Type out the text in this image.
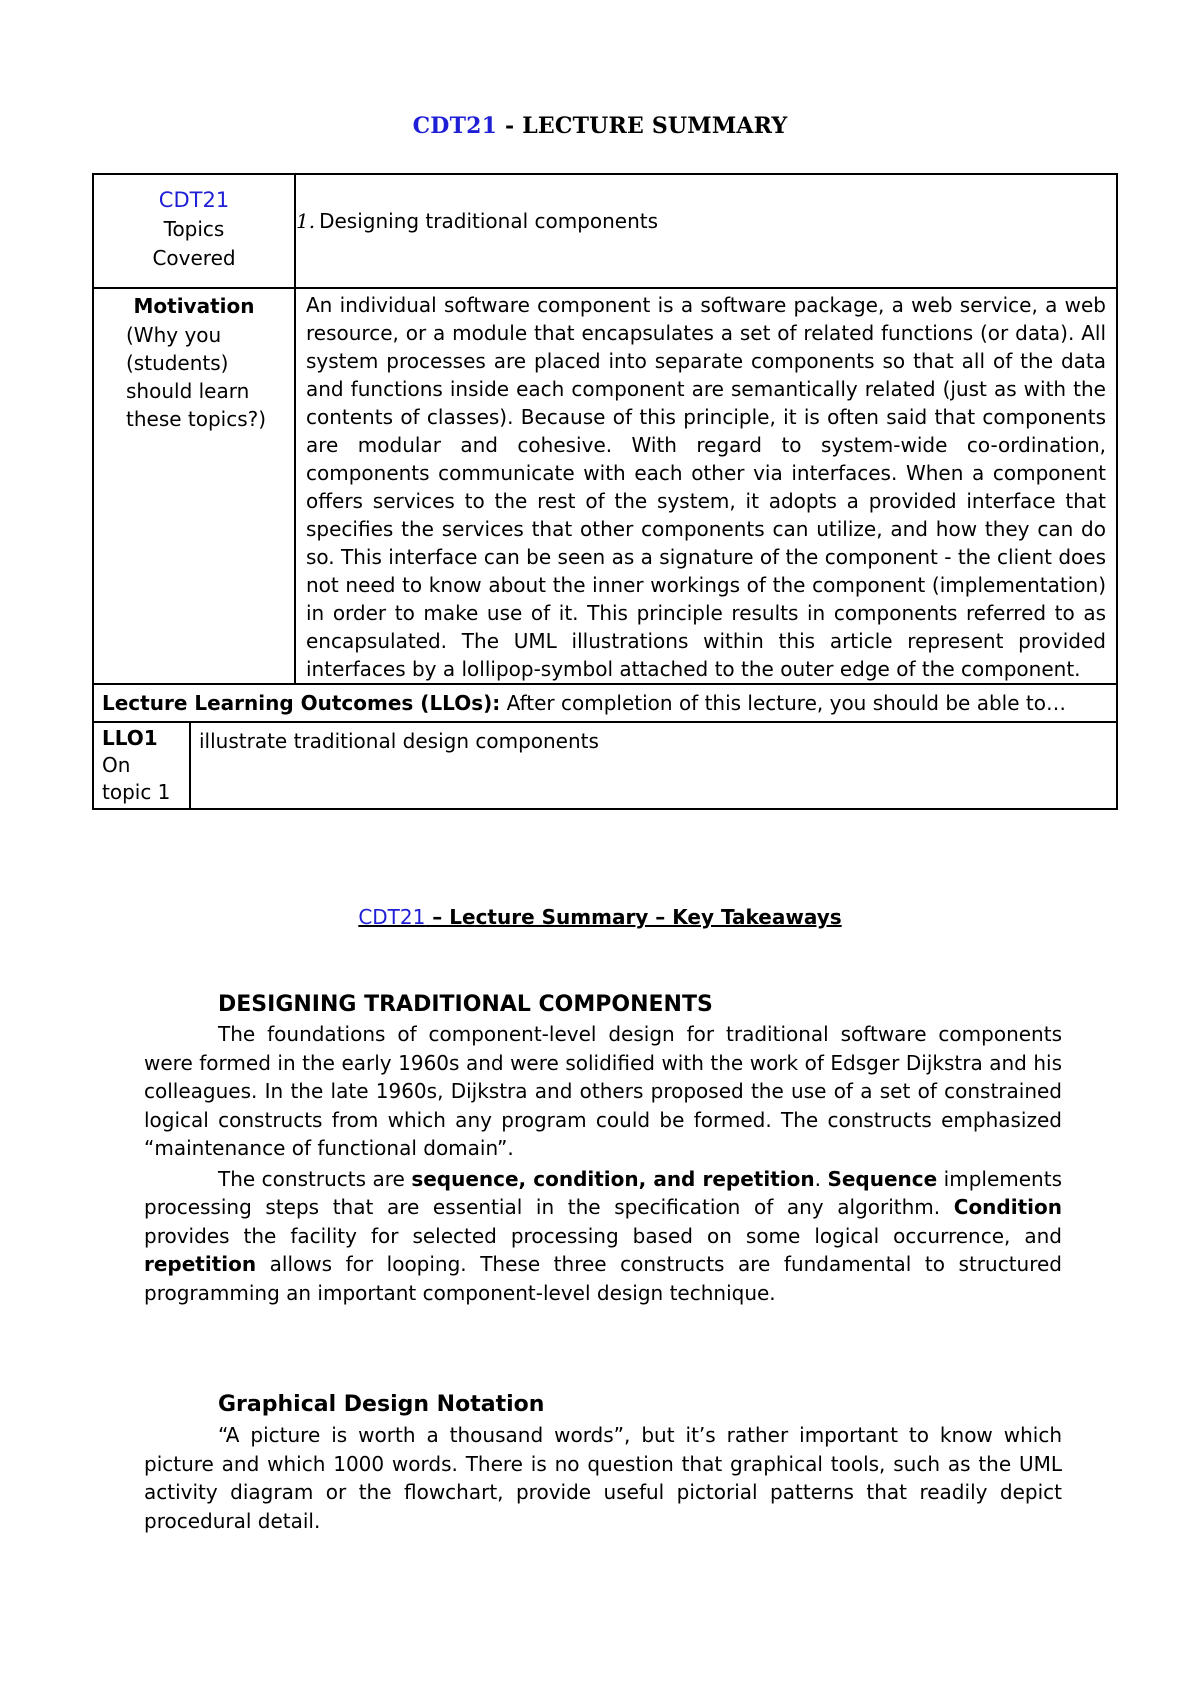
CDT21 - LECTURE SUMMARY
CDT21
Topics
Covered
	1. Designing traditional components

Motivation
(Why you (students) should learn these topics?)
	An individual software component is a software package, a web service, a web resource, or a module that encapsulates a set of related functions (or data). All system processes are placed into separate components so that all of the data and functions inside each component are semantically related (just as with the contents of classes). Because of this principle, it is often said that components are modular and cohesive. With regard to system-wide co-ordination, components communicate with each other via interfaces. When a component offers services to the rest of the system, it adopts a provided interface that specifies the services that other components can utilize, and how they can do so. This interface can be seen as a signature of the component - the client does not need to know about the inner workings of the component (implementation) in order to make use of it. This principle results in components referred to as encapsulated. The UML illustrations within this article represent provided interfaces by a lollipop-symbol attached to the outer edge of the component.
Lecture Learning Outcomes (LLOs): After completion of this lecture, you should be able to…

LLO1
On topic 1	illustrate traditional design components
CDT21 – Lecture Summary – Key Takeaways
DESIGNING TRADITIONAL COMPONENTS

The foundations of component-level design for traditional software components were formed in the early 1960s and were solidified with the work of Edsger Dijkstra and his colleagues. In the late 1960s, Dijkstra and others proposed the use of a set of constrained logical constructs from which any program could be formed. The constructs emphasized “maintenance of functional domain”.

The constructs are sequence, condition, and repetition. Sequence implements processing steps that are essential in the specification of any algorithm. Condition provides the facility for selected processing based on some logical occurrence, and repetition allows for looping. These three constructs are fundamental to structured programming an important component-level design technique.

Graphical Design Notation

“A picture is worth a thousand words”, but it’s rather important to know which picture and which 1000 words. There is no question that graphical tools, such as the UML activity diagram or the flowchart, provide useful pictorial patterns that readily depict procedural detail.
